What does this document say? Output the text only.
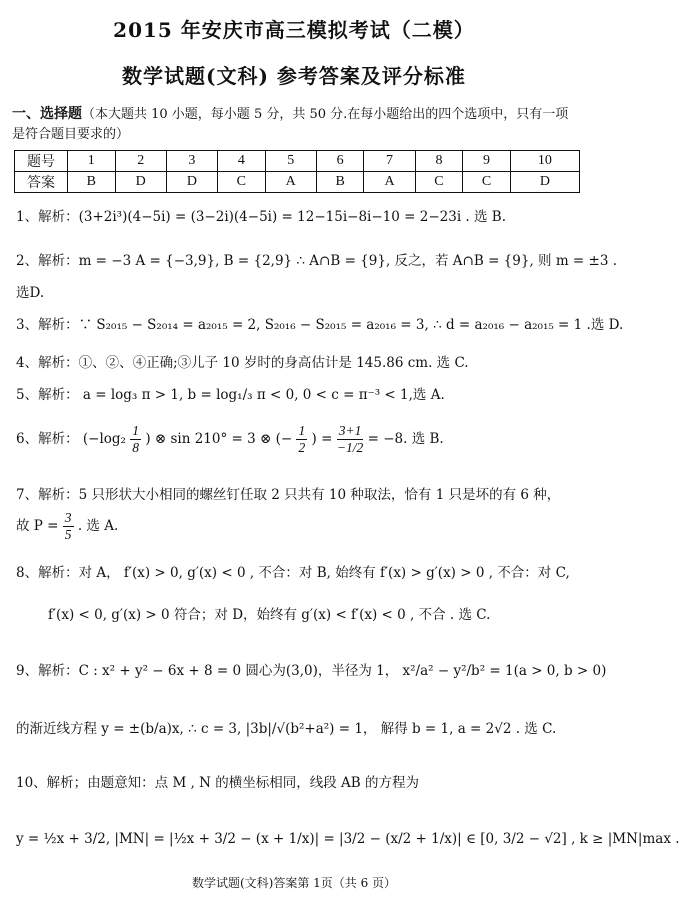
2015 年安庆市高三模拟考试（二模）
数学试题(文科) 参考答案及评分标准
一、选择题（本大题共 10 小题，每小题 5 分，共 50 分.在每小题给出的四个选项中，只有一项是符合题目要求的）
题号	1	2	3	4	5	6	7	8	9	10
答案	B	D	D	C	A	B	A	C	C	D
1、解析：(3+2i³)(4−5i) = (3−2i)(4−5i) = 12−15i−8i−10 = 2−23i . 选 B.
2、解析：m = −3 A = {−3,9}, B = {2,9} ∴ A∩B = {9}, 反之，若 A∩B = {9}, 则 m = ±3 .
选D.
3、解析：∵ S₂₀₁₅ − S₂₀₁₄ = a₂₀₁₅ = 2, S₂₀₁₆ − S₂₀₁₅ = a₂₀₁₆ = 3, ∴ d = a₂₀₁₆ − a₂₀₁₅ = 1 .选 D.
4、解析：①、②、④正确;③儿子 10 岁时的身高估计是 145.86 cm. 选 C.
5、解析： a = log₃ π > 1, b = log₁/₃ π < 0, 0 < c = π⁻³ < 1,选 A.
6、解析： ($-\log_2 \frac{1}{8}$ ) ⊗ sin 210° = 3 ⊗ (− $\frac{1}{2}$ ) = $\frac{3+1}{-1/2} = -8$. 选 B.
7、解析：5 只形状大小相同的螺丝钉任取 2 只共有 10 种取法，恰有 1 只是坏的有 6 种，
故 $P = \frac{3}{5}$ . 选 A.
8、解析：对 A， f′(x) > 0, g′(x) < 0 , 不合：对 B, 始终有 f′(x) > g′(x) > 0 , 不合：对 C,
f′(x) < 0, g′(x) > 0 符合；对 D，始终有 g′(x) < f′(x) < 0 , 不合 . 选 C.
9、解析：C : x² + y² − 6x + 8 = 0 圆心为(3,0)，半径为 1， x²/a² − y²/b² = 1(a > 0, b > 0)
的渐近线方程 y = ±(b/a)x, ∴ c = 3, |3b|/√(b²+a²) = 1， 解得 b = 1, a = 2√2 . 选 C.
10、解析；由题意知：点 M , N 的横坐标相同，线段 AB 的方程为
y = ½x + 3/2, |MN| = |½x + 3/2 − (x + 1/x)| = |3/2 − (x/2 + 1/x)| ∈ [0, 3/2 − √2] , k ≥ |MN|max .
数学试题(文科)答案第 1页（共 6 页）
